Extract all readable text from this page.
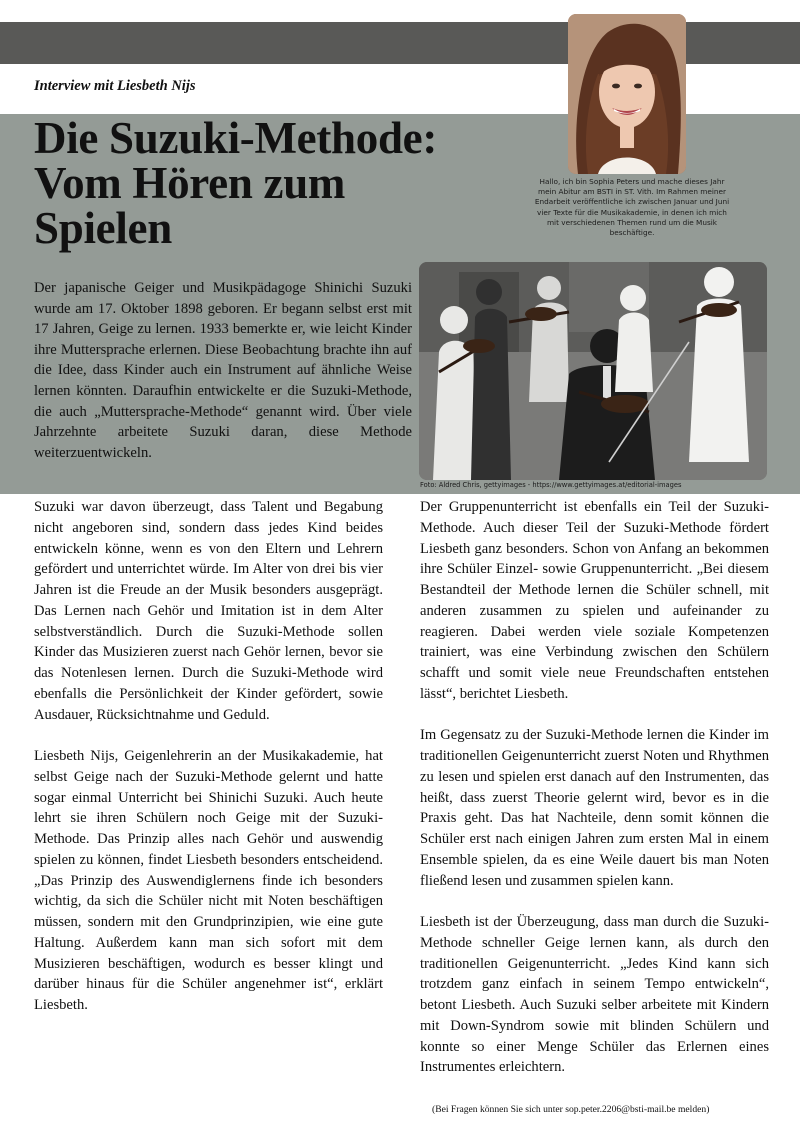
Interview mit Liesbeth Nijs
Die Suzuki-Methode:
Vom Hören zum
Spielen

Der japanische Geiger und Musikpädagoge Shinichi Suzuki wurde am 17. Oktober 1898 geboren. Er begann selbst erst mit 17 Jahren, Geige zu lernen. 1933 bemerkte er, wie leicht Kinder ihre Muttersprache erlernen. Diese Beobachtung brachte ihn auf die Idee, dass Kinder auch ein Instrument auf ähnliche Weise lernen könnten. Daraufhin entwickelte er die Suzuki-Methode, die auch „Muttersprache-Methode“ genannt wird. Über viele Jahrzehnte arbeitete Suzuki daran, diese Methode weiterzuentwickeln.

Hallo, ich bin Sophia Peters und mache dieses Jahr mein Abitur am BSTI in ST. Vith. Im Rahmen meiner Endarbeit veröffentliche ich zwischen Januar und Juni vier Texte für die Musikakademie, in denen ich mich mit verschiedenen Themen rund um die Musik beschäftige.

Foto: Aldred Chris, gettyimages - https://www.gettyimages.at/editorial-images

Suzuki war davon überzeugt, dass Talent und Begabung nicht angeboren sind, sondern dass jedes Kind beides entwickeln könne, wenn es von den Eltern und Lehrern gefördert und unterrichtet würde. Im Alter von drei bis vier Jahren ist die Freude an der Musik besonders ausgeprägt. Das Lernen nach Gehör und Imitation ist in dem Alter selbstverständlich. Durch die Suzuki-Methode sollen Kinder das Musizieren zuerst nach Gehör lernen, bevor sie das Notenlesen lernen. Durch die Suzuki-Methode wird ebenfalls die Persönlichkeit der Kinder gefördert, sowie Ausdauer, Rücksichtnahme und Geduld.

Liesbeth Nijs, Geigenlehrerin an der Musikakademie, hat selbst Geige nach der Suzuki-Methode gelernt und hatte sogar einmal Unterricht bei Shinichi Suzuki. Auch heute lehrt sie ihren Schülern noch Geige mit der Suzuki-Methode. Das Prinzip alles nach Gehör und auswendig spielen zu können, findet Liesbeth besonders entscheidend. „Das Prinzip des Auswendiglernens finde ich besonders wichtig, da sich die Schüler nicht mit Noten beschäftigen müssen, sondern mit den Grundprinzipien, wie eine gute Haltung. Außerdem kann man sich sofort mit dem Musizieren beschäftigen, wodurch es besser klingt und darüber hinaus für die Schüler angenehmer ist“, erklärt Liesbeth.

Der Gruppenunterricht ist ebenfalls ein Teil der Suzuki-Methode. Auch dieser Teil der Suzuki-Methode fördert Liesbeth ganz besonders. Schon von Anfang an bekommen ihre Schüler Einzel- sowie Gruppenunterricht. „Bei diesem Bestandteil der Methode lernen die Schüler schnell, mit anderen zusammen zu spielen und aufeinander zu reagieren. Dabei werden viele soziale Kompetenzen trainiert, was eine Verbindung zwischen den Schülern schafft und somit viele neue Freundschaften entstehen lässt“, berichtet Liesbeth.

Im Gegensatz zu der Suzuki-Methode lernen die Kinder im traditionellen Geigenunterricht zuerst Noten und Rhythmen zu lesen und spielen erst danach auf den Instrumenten, das heißt, dass zuerst Theorie gelernt wird, bevor es in die Praxis geht. Das hat Nachteile, denn somit können die Schüler erst nach einigen Jahren zum ersten Mal in einem Ensemble spielen, da es eine Weile dauert bis man Noten fließend lesen und zusammen spielen kann.

Liesbeth ist der Überzeugung, dass man durch die Suzuki-Methode schneller Geige lernen kann, als durch den traditionellen Geigenunterricht. „Jedes Kind kann sich trotzdem ganz einfach in seinem Tempo entwickeln“, betont Liesbeth. Auch Suzuki selber arbeitete mit Kindern mit Down-Syndrom sowie mit blinden Schülern und konnte so einer Menge Schüler das Erlernen eines Instrumentes erleichtern.

(Bei Fragen können Sie sich unter sop.peter.2206@bsti-mail.be melden)
